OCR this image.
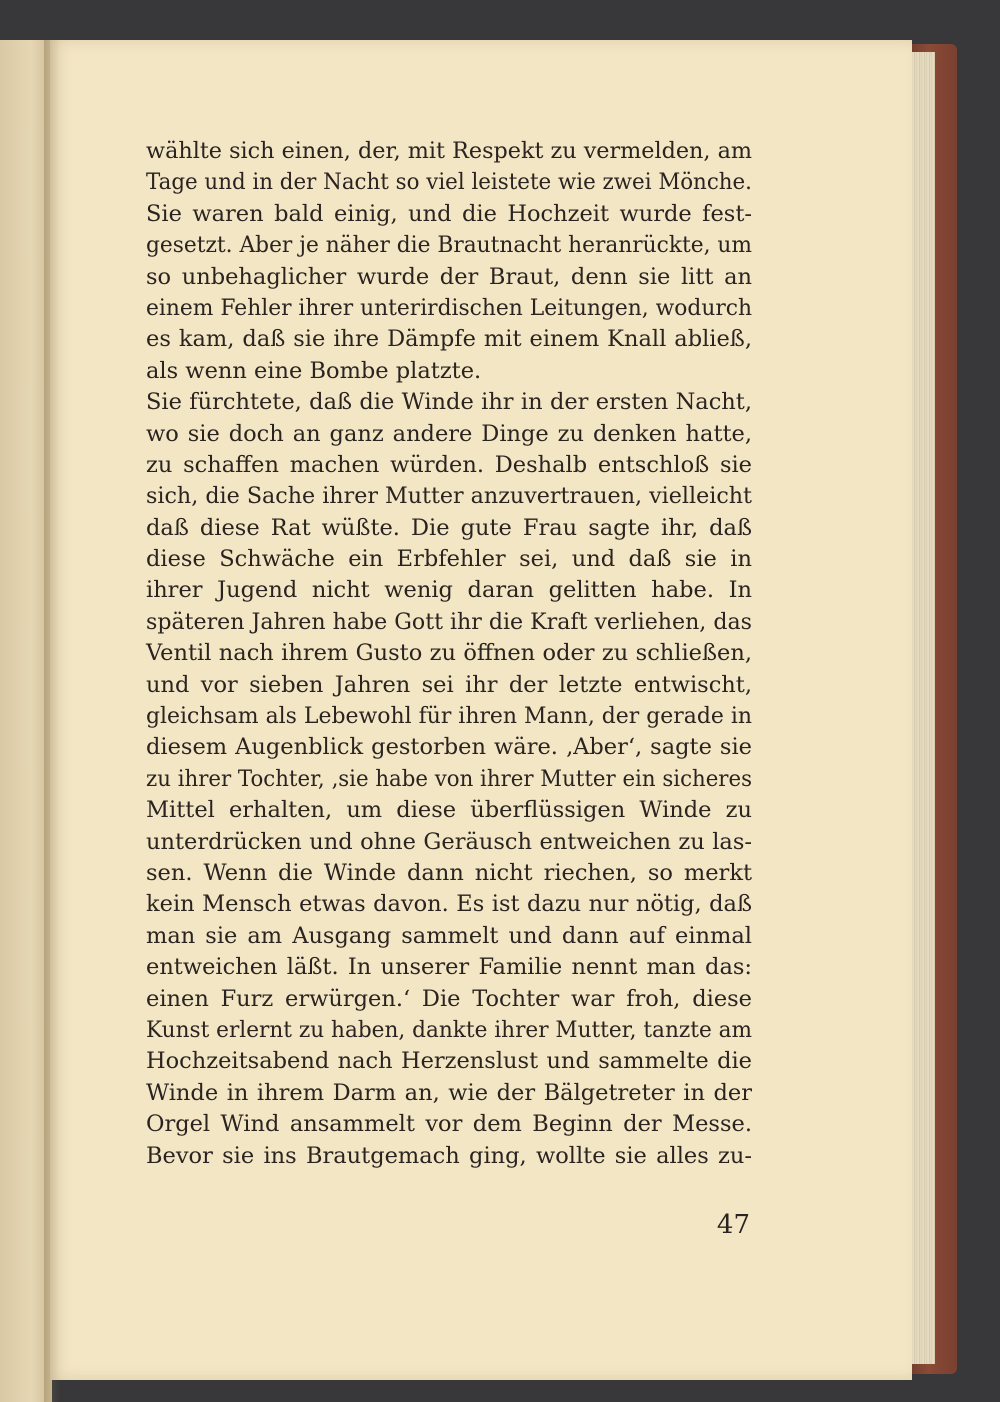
wählte sich einen, der, mit Respekt zu vermelden, am
Tage und in der Nacht so viel leistete wie zwei Mönche.
Sie waren bald einig, und die Hochzeit wurde fest-
gesetzt. Aber je näher die Brautnacht heranrückte, um
so unbehaglicher wurde der Braut, denn sie litt an
einem Fehler ihrer unterirdischen Leitungen, wodurch
es kam, daß sie ihre Dämpfe mit einem Knall abließ,
als wenn eine Bombe platzte.
Sie fürchtete, daß die Winde ihr in der ersten Nacht,
wo sie doch an ganz andere Dinge zu denken hatte,
zu schaffen machen würden. Deshalb entschloß sie
sich, die Sache ihrer Mutter anzuvertrauen, vielleicht
daß diese Rat wüßte. Die gute Frau sagte ihr, daß
diese Schwäche ein Erbfehler sei, und daß sie in
ihrer Jugend nicht wenig daran gelitten habe. In
späteren Jahren habe Gott ihr die Kraft verliehen, das
Ventil nach ihrem Gusto zu öffnen oder zu schließen,
und vor sieben Jahren sei ihr der letzte entwischt,
gleichsam als Lebewohl für ihren Mann, der gerade in
diesem Augenblick gestorben wäre. ‚Aber‘, sagte sie
zu ihrer Tochter, ‚sie habe von ihrer Mutter ein sicheres
Mittel erhalten, um diese überflüssigen Winde zu
unterdrücken und ohne Geräusch entweichen zu las-
sen. Wenn die Winde dann nicht riechen, so merkt
kein Mensch etwas davon. Es ist dazu nur nötig, daß
man sie am Ausgang sammelt und dann auf einmal
entweichen läßt. In unserer Familie nennt man das:
einen Furz erwürgen.‘ Die Tochter war froh, diese
Kunst erlernt zu haben, dankte ihrer Mutter, tanzte am
Hochzeitsabend nach Herzenslust und sammelte die
Winde in ihrem Darm an, wie der Bälgetreter in der
Orgel Wind ansammelt vor dem Beginn der Messe.
Bevor sie ins Brautgemach ging, wollte sie alles zu-
47
